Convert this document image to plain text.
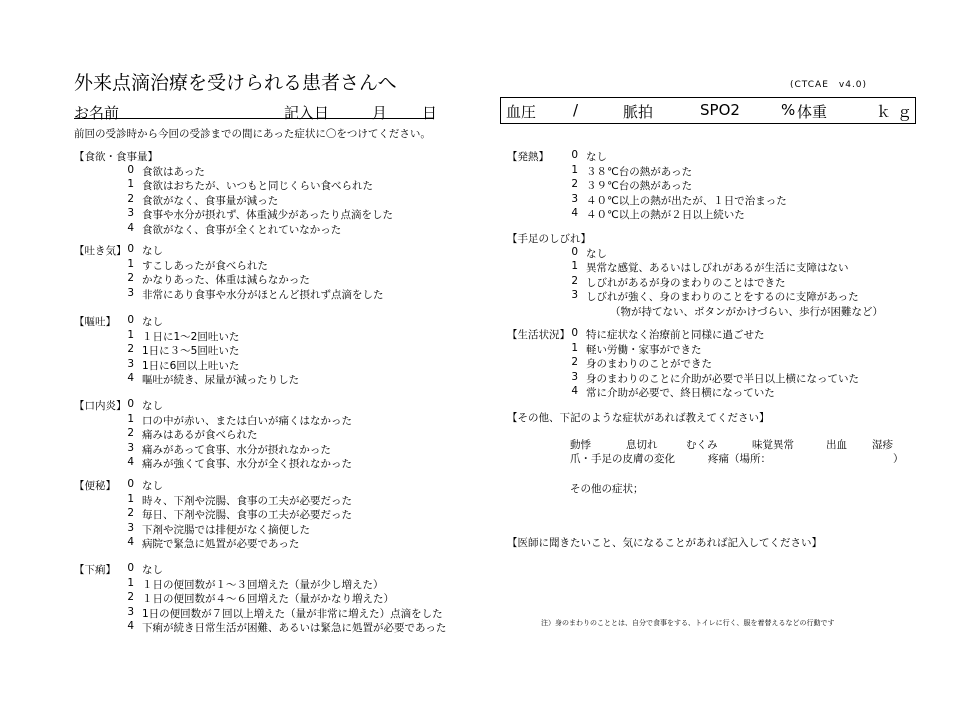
外来点滴治療を受けられる患者さんへ	(CTCAE　v4.0)
お名前	記入日	月 日	血圧 /	脈拍	SPO2	% 体重	ｋｇ
前回の受診時から今回の受診までの間にあった症状に〇をつけてください。
【食欲・食事量】
0 食欲はあった
1 食欲はおちたが、いつもと同じくらい食べられた
2 食欲がなく、食事量が減った
3 食事や水分が摂れず、体重減少があったり点滴をした
4 食欲がなく、食事が全くとれていなかった
【吐き気】 0 なし
1 すこしあったが食べられた
2 かなりあった、体重は減らなかった
3 非常にあり食事や水分がほとんど摂れず点滴をした
【嘔吐】	0 なし
1 １日に1～2回吐いた
2 1日に３～5回吐いた
3 1日に6回以上吐いた
4 嘔吐が続き、尿量が減ったりした
【口内炎】 0 なし
1 口の中が赤い、または白いが痛くはなかった
2 痛みはあるが食べられた
3 痛みがあって食事、水分が摂れなかった
4 痛みが強くて食事、水分が全く摂れなかった
【便秘】	0 なし
1 時々、下剤や浣腸、食事の工夫が必要だった
2 毎日、下剤や浣腸、食事の工夫が必要だった
3 下剤や浣腸では排便がなく摘便した
4 病院で緊急に処置が必要であった
【下痢】	0 なし
1 １日の便回数が１～３回増えた（量が少し増えた）
2 １日の便回数が４～６回増えた（量がかなり増えた）
3 1日の便回数が７回以上増えた（量が非常に増えた）点滴をした
4 下痢が続き日常生活が困難、あるいは緊急に処置が必要であった
【発熱】	0 なし
1 ３８℃台の熱があった
2 ３９℃台の熱があった
3 ４０℃以上の熱が出たが、１日で治まった
4 ４０℃以上の熱が２日以上続いた
【手足のしびれ】
0 なし
1 異常な感覚、あるいはしびれがあるが生活に支障はない
2 しびれがあるが身のまわりのことはできた
3 しびれが強く、身のまわりのことをするのに支障があった
（物が持てない、ボタンがかけづらい、歩行が困難など）
【生活状況】 0 特に症状なく治療前と同様に過ごせた
1 軽い労働・家事ができた
2 身のまわりのことができた
3 身のまわりのことに介助が必要で半日以上横になっていた
4 常に介助が必要で、終日横になっていた
【その他、下記のような症状があれば教えてください】
動悸	息切れ	むくみ	味覚異常	出血 湿疹
爪・手足の皮膚の変化	疼痛（場所：	）
その他の症状；
【医師に聞きたいこと、気になることがあれば記入してください】
注）身のまわりのこととは、自分で食事をする、トイレに行く、服を着替えるなどの行動です
